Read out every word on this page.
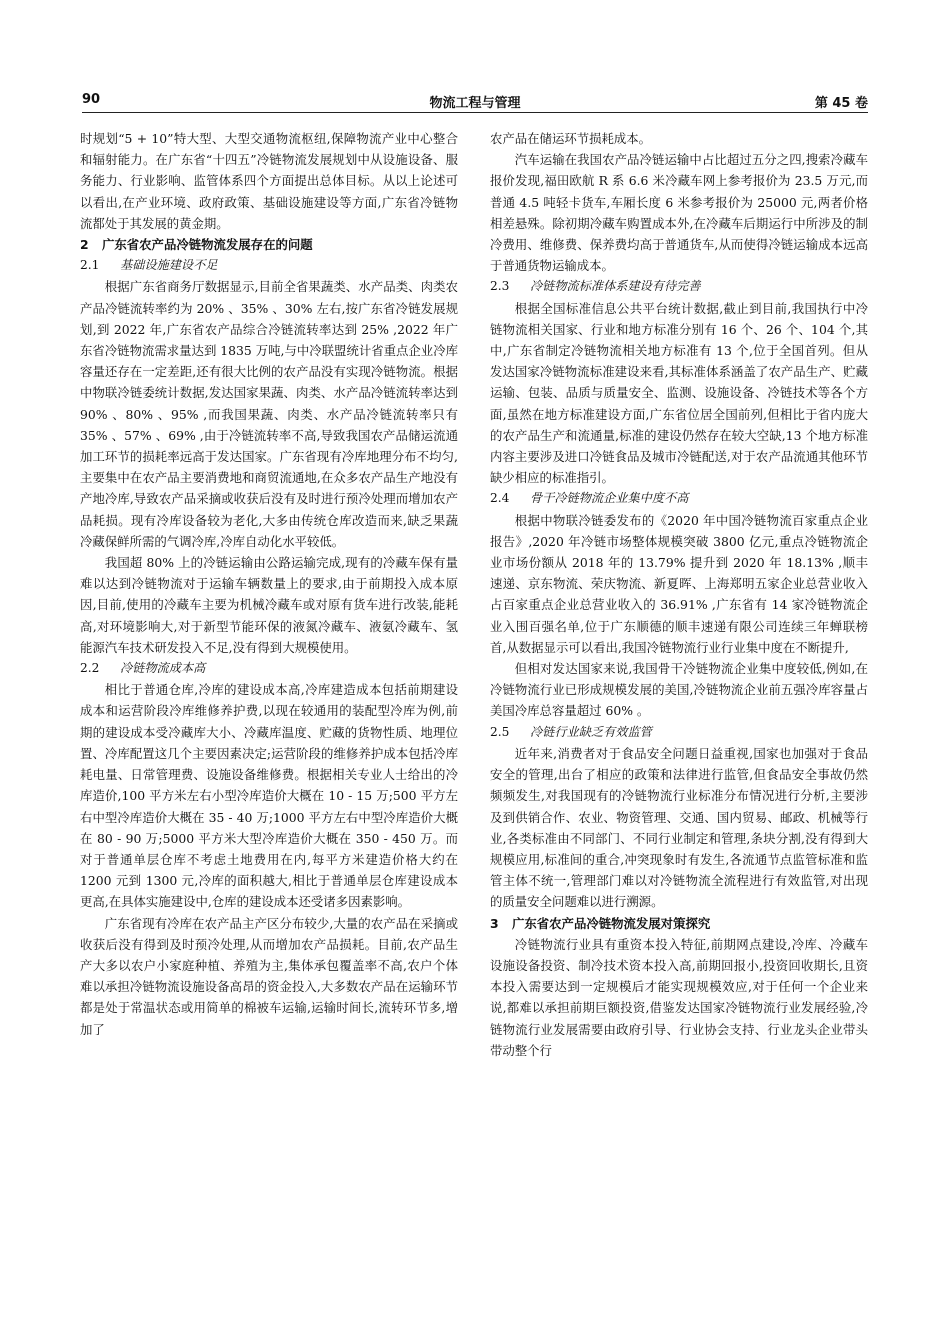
90	物流工程与管理	第 45 卷

时规划“5 + 10”特大型、大型交通物流枢纽,保障物流产业中心整合和辐射能力。在广东省“十四五”冷链物流发展规划中从设施设备、服务能力、行业影响、监管体系四个方面提出总体目标。从以上论述可以看出,在产业环境、政府政策、基础设施建设等方面,广东省冷链物流都处于其发展的黄金期。

2 广东省农产品冷链物流发展存在的问题
2.1 基础设施建设不足

根据广东省商务厅数据显示,目前全省果蔬类、水产品类、肉类农产品冷链流转率约为 20% 、35% 、30% 左右,按广东省冷链发展规划,到 2022 年,广东省农产品综合冷链流转率达到 25% ,2022 年广东省冷链物流需求量达到 1835 万吨,与中冷联盟统计省重点企业冷库容量还存在一定差距,还有很大比例的农产品没有实现冷链物流。根据中物联冷链委统计数据,发达国家果蔬、肉类、水产品冷链流转率达到 90% 、80% 、95% ,而我国果蔬、肉类、水产品冷链流转率只有 35% 、57% 、69% ,由于冷链流转率不高,导致我国农产品储运流通加工环节的损耗率远高于发达国家。广东省现有冷库地理分布不均匀,主要集中在农产品主要消费地和商贸流通地,在众多农产品生产地没有产地冷库,导致农产品采摘或收获后没有及时进行预冷处理而增加农产品耗损。现有冷库设备较为老化,大多由传统仓库改造而来,缺乏果蔬冷藏保鲜所需的气调冷库,冷库自动化水平较低。

我国超 80% 上的冷链运输由公路运输完成,现有的冷藏车保有量难以达到冷链物流对于运输车辆数量上的要求,由于前期投入成本原因,目前,使用的冷藏车主要为机械冷藏车或对原有货车进行改装,能耗高,对环境影响大,对于新型节能环保的液氮冷藏车、液氨冷藏车、氢能源汽车技术研发投入不足,没有得到大规模使用。

2.2 冷链物流成本高

相比于普通仓库,冷库的建设成本高,冷库建造成本包括前期建设成本和运营阶段冷库维修养护费,以现在较通用的装配型冷库为例,前期的建设成本受冷藏库大小、冷藏库温度、贮藏的货物性质、地理位置、冷库配置这几个主要因素决定;运营阶段的维修养护成本包括冷库耗电量、日常管理费、设施设备维修费。根据相关专业人士给出的冷库造价,100 平方米左右小型冷库造价大概在 10 - 15 万;500 平方左右中型冷库造价大概在 35 - 40 万;1000 平方左右中型冷库造价大概在 80 - 90 万;5000 平方米大型冷库造价大概在 350 - 450 万。而对于普通单层仓库不考虑土地费用在内,每平方米建造价格大约在 1200 元到 1300 元,冷库的面积越大,相比于普通单层仓库建设成本更高,在具体实施建设中,仓库的建设成本还受诸多因素影响。

广东省现有冷库在农产品主产区分布较少,大量的农产品在采摘或收获后没有得到及时预冷处理,从而增加农产品损耗。目前,农产品生产大多以农户小家庭种植、养殖为主,集体承包覆盖率不高,农户个体难以承担冷链物流设施设备高昂的资金投入,大多数农产品在运输环节都是处于常温状态或用简单的棉被车运输,运输时间长,流转环节多,增加了

农产品在储运环节损耗成本。

汽车运输在我国农产品冷链运输中占比超过五分之四,搜索冷藏车报价发现,福田欧航 R 系 6.6 米冷藏车网上参考报价为 23.5 万元,而普通 4.5 吨轻卡货车,车厢长度 6 米参考报价为 25000 元,两者价格相差悬殊。除初期冷藏车购置成本外,在冷藏车后期运行中所涉及的制冷费用、维修费、保养费均高于普通货车,从而使得冷链运输成本远高于普通货物运输成本。

2.3 冷链物流标准体系建设有待完善

根据全国标准信息公共平台统计数据,截止到目前,我国执行中冷链物流相关国家、行业和地方标准分别有 16 个、26 个、104 个,其中,广东省制定冷链物流相关地方标准有 13 个,位于全国首列。但从发达国家冷链物流标准建设来看,其标准体系涵盖了农产品生产、贮藏运输、包装、品质与质量安全、监测、设施设备、冷链技术等各个方面,虽然在地方标准建设方面,广东省位居全国前列,但相比于省内庞大的农产品生产和流通量,标准的建设仍然存在较大空缺,13 个地方标准内容主要涉及进口冷链食品及城市冷链配送,对于农产品流通其他环节缺少相应的标准指引。

2.4 骨干冷链物流企业集中度不高

根据中物联冷链委发布的《2020 年中国冷链物流百家重点企业报告》,2020 年冷链市场整体规模突破 3800 亿元,重点冷链物流企业市场份额从 2018 年的 13.79% 提升到 2020 年 18.13% ,顺丰速递、京东物流、荣庆物流、新夏晖、上海郑明五家企业总营业收入占百家重点企业总营业收入的 36.91% ,广东省有 14 家冷链物流企业入围百强名单,位于广东顺德的顺丰速递有限公司连续三年蝉联榜首,从数据显示可以看出,我国冷链物流行业行业集中度在不断提升,

但相对发达国家来说,我国骨干冷链物流企业集中度较低,例如,在冷链物流行业已形成规模发展的美国,冷链物流企业前五强冷库容量占美国冷库总容量超过 60% 。

2.5 冷链行业缺乏有效监管

近年来,消费者对于食品安全问题日益重视,国家也加强对于食品安全的管理,出台了相应的政策和法律进行监管,但食品安全事故仍然频频发生,对我国现有的冷链物流行业标准分布情况进行分析,主要涉及到供销合作、农业、物资管理、交通、国内贸易、邮政、机械等行业,各类标准由不同部门、不同行业制定和管理,条块分割,没有得到大规模应用,标准间的重合,冲突现象时有发生,各流通节点监管标准和监管主体不统一,管理部门难以对冷链物流全流程进行有效监管,对出现的质量安全问题难以进行溯源。

3 广东省农产品冷链物流发展对策探究

冷链物流行业具有重资本投入特征,前期网点建设,冷库、冷藏车设施设备投资、制冷技术资本投入高,前期回报小,投资回收期长,且资本投入需要达到一定规模后才能实现规模效应,对于任何一个企业来说,都难以承担前期巨额投资,借鉴发达国家冷链物流行业发展经验,冷链物流行业发展需要由政府引导、行业协会支持、行业龙头企业带头带动整个行
